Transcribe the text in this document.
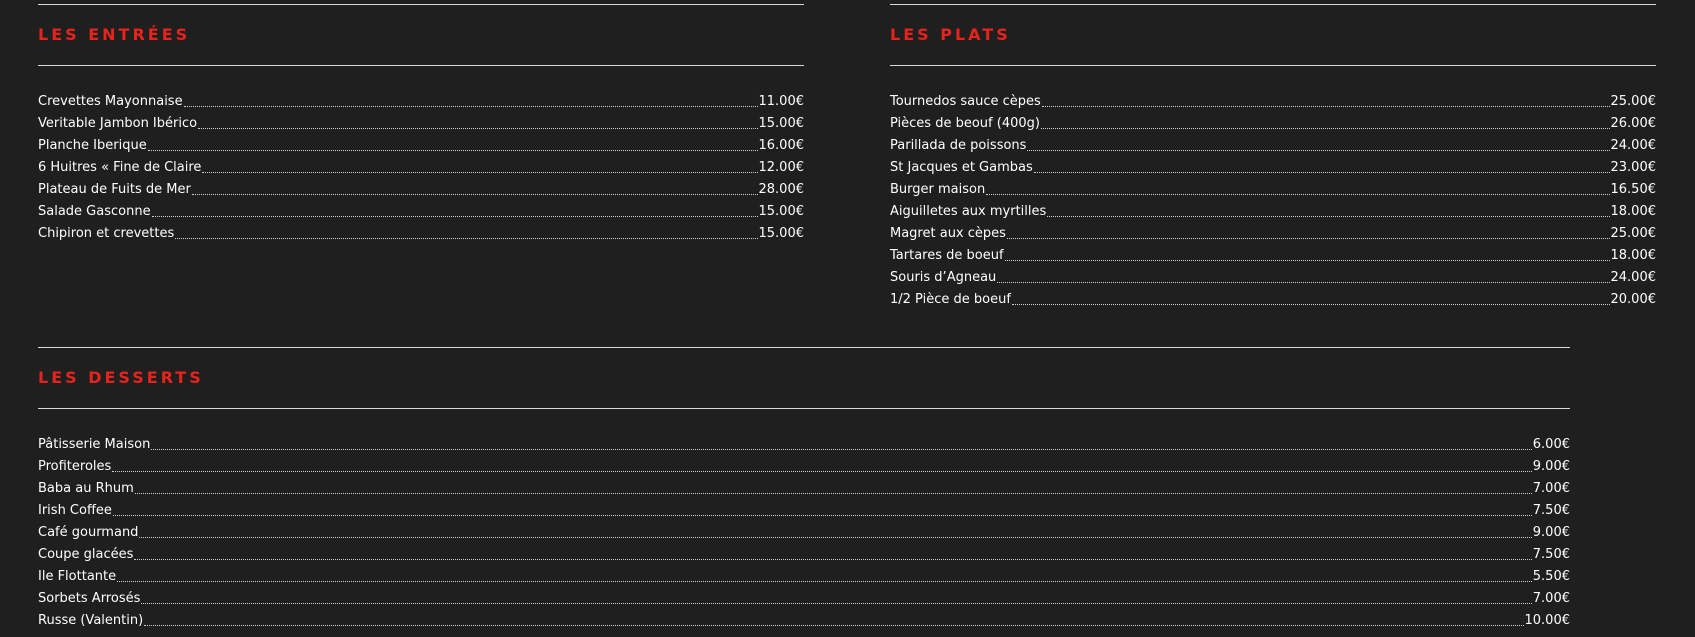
LES ENTRÉES
Crevettes Mayonnaise	11.00€
Veritable Jambon Ibérico	15.00€
Planche Iberique	16.00€
6 Huitres « Fine de Claire	12.00€
Plateau de Fuits de Mer	28.00€
Salade Gasconne	15.00€
Chipiron et crevettes	15.00€
LES PLATS
Tournedos sauce cèpes	25.00€
Pièces de beouf (400g)	26.00€
Parillada de poissons	24.00€
St Jacques et Gambas	23.00€
Burger maison	16.50€
Aiguilletes aux myrtilles	18.00€
Magret aux cèpes	25.00€
Tartares de boeuf	18.00€
Souris d’Agneau	24.00€
1/2 Pièce de boeuf	20.00€
LES DESSERTS
Pâtisserie Maison	6.00€
Profiteroles	9.00€
Baba au Rhum	7.00€
Irish Coffee	7.50€
Café gourmand	9.00€
Coupe glacées	7.50€
Ile Flottante	5.50€
Sorbets Arrosés	7.00€
Russe (Valentin)	10.00€
